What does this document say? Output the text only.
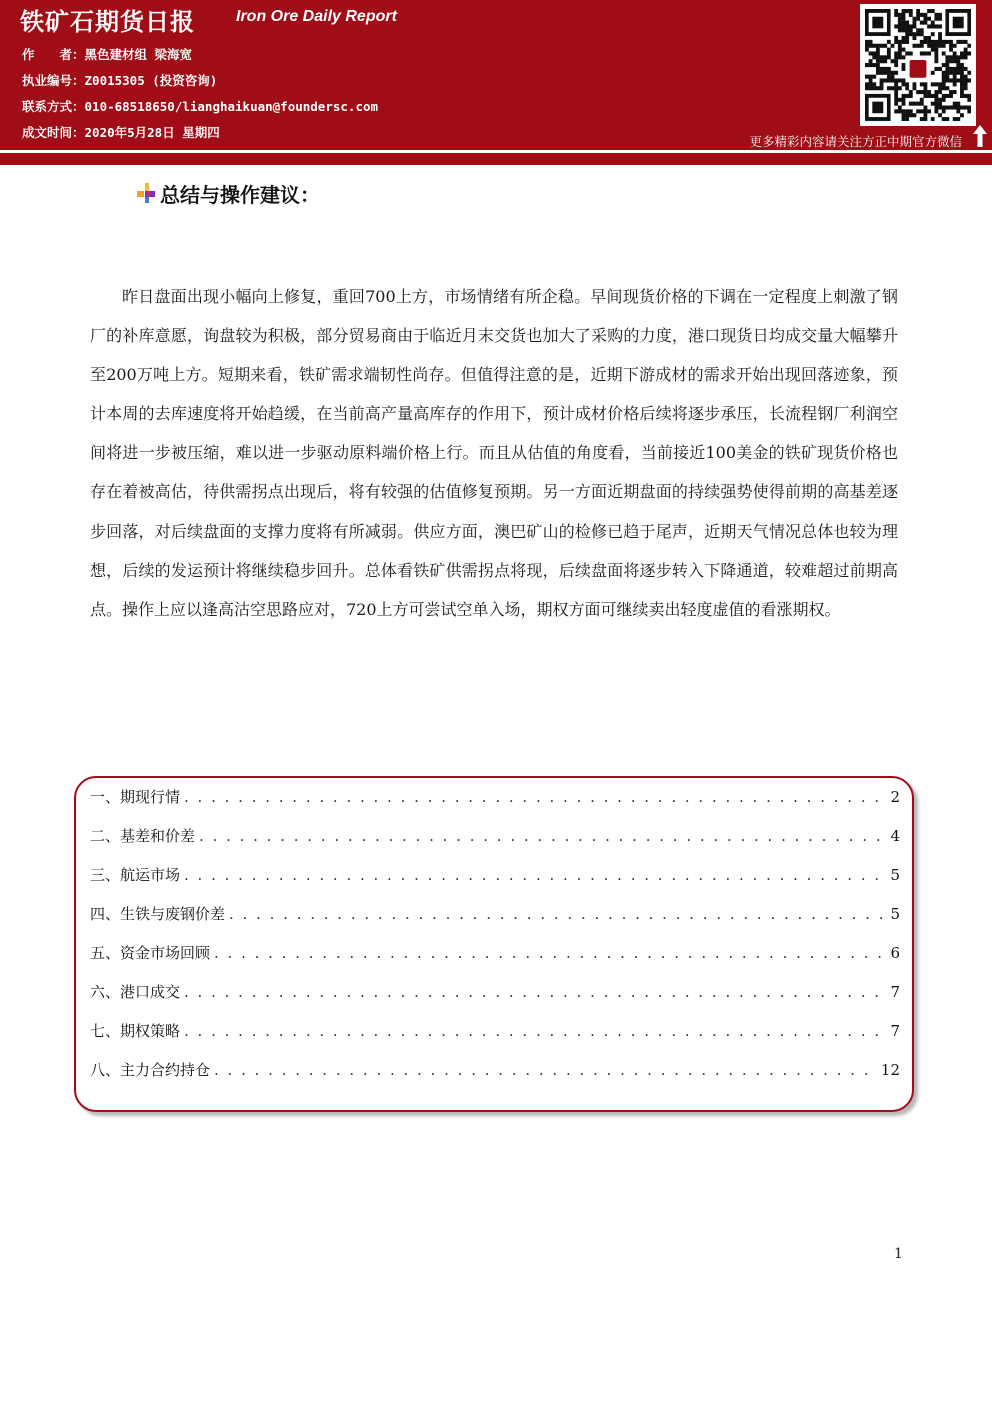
铁矿石期货日报	Iron Ore Daily Report
作 者：黑色建材组 梁海宽
执业编号：Z0015305 (投资咨询)
联系方式：010-68518650/lianghaikuan@foundersc.com
成文时间：2020年5月28日 星期四
更多精彩内容请关注方正中期官方微信
总结与操作建议：

昨日盘面出现小幅向上修复，重回700上方，市场情绪有所企稳。早间现货价格的下调在一定程度上刺激了钢厂的补库意愿，询盘较为积极，部分贸易商由于临近月末交货也加大了采购的力度，港口现货日均成交量大幅攀升至200万吨上方。短期来看，铁矿需求端韧性尚存。但值得注意的是，近期下游成材的需求开始出现回落迹象，预计本周的去库速度将开始趋缓，在当前高产量高库存的作用下，预计成材价格后续将逐步承压，长流程钢厂利润空间将进一步被压缩，难以进一步驱动原料端价格上行。而且从估值的角度看，当前接近100美金的铁矿现货价格也存在着被高估，待供需拐点出现后，将有较强的估值修复预期。另一方面近期盘面的持续强势使得前期的高基差逐步回落，对后续盘面的支撑力度将有所减弱。供应方面，澳巴矿山的检修已趋于尾声，近期天气情况总体也较为理想，后续的发运预计将继续稳步回升。总体看铁矿供需拐点将现，后续盘面将逐步转入下降通道，较难超过前期高点。操作上应以逢高沽空思路应对，720上方可尝试空单入场，期权方面可继续卖出轻度虚值的看涨期权。

一、期现行情 . . .	2
二、基差和价差 . . .	4
三、航运市场 . . .	5
四、生铁与废钢价差 . . .	5
五、资金市场回顾 . . .	6
六、港口成交 . . .	7
七、期权策略 . . .	7
八、主力合约持仓 . . .	12
1
